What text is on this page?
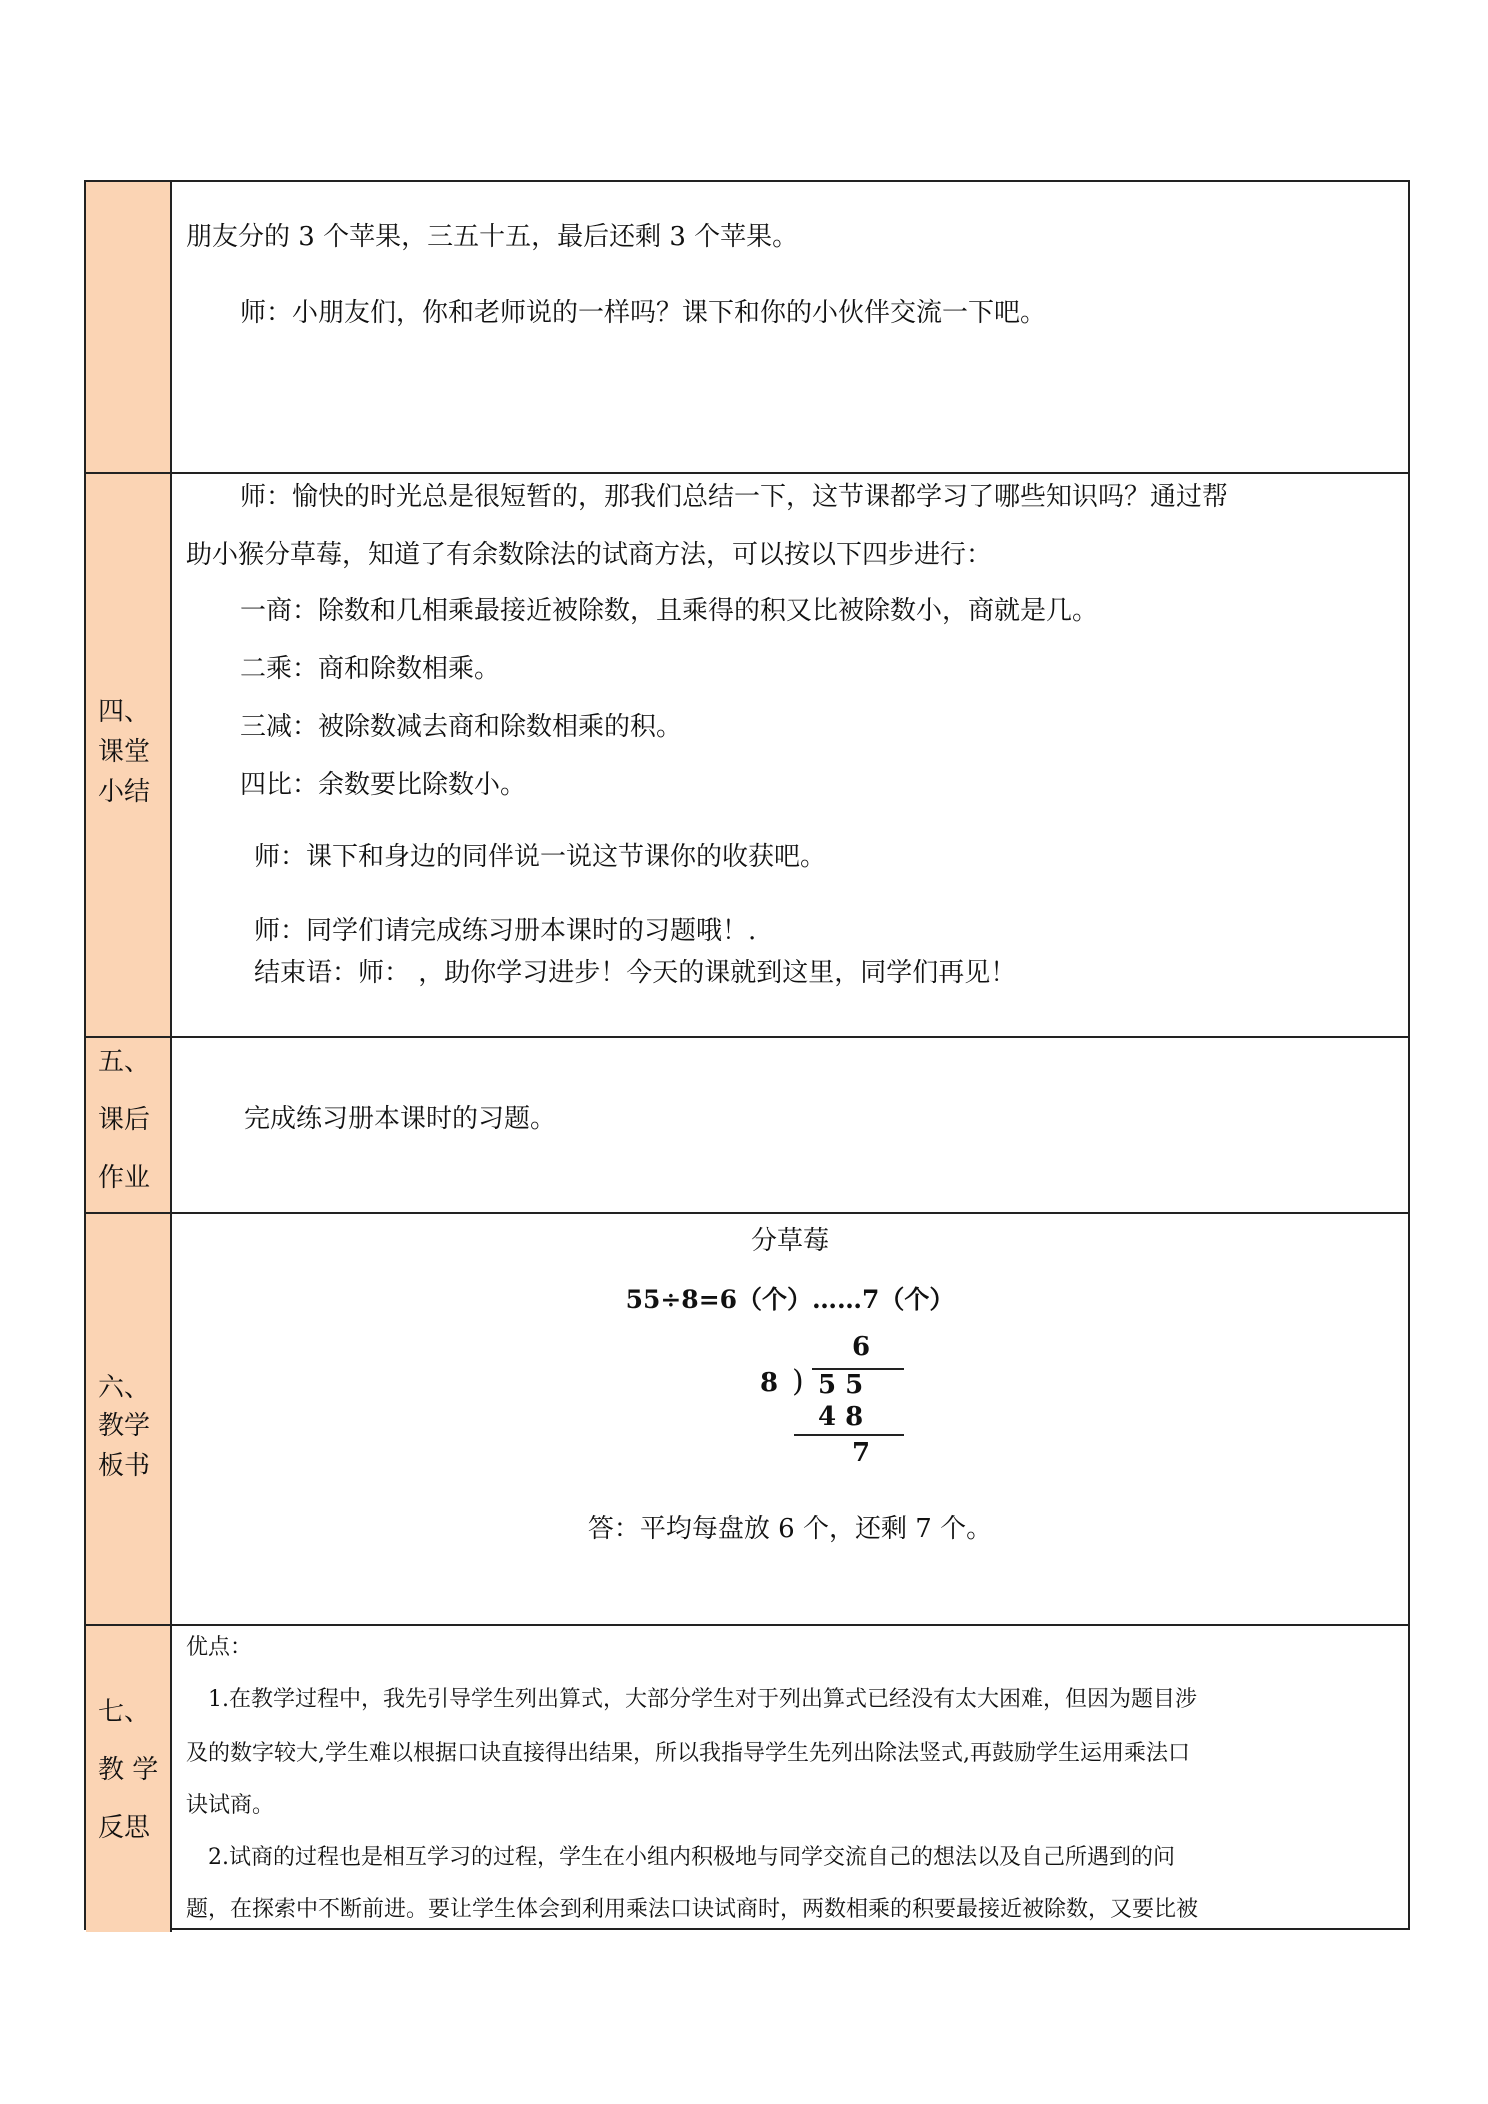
朋友分的 3 个苹果，三五十五，最后还剩 3 个苹果。
师：小朋友们，你和老师说的一样吗？课下和你的小伙伴交流一下吧。
四、
课堂
小结
师：愉快的时光总是很短暂的，那我们总结一下，这节课都学习了哪些知识吗？通过帮
助小猴分草莓，知道了有余数除法的试商方法，可以按以下四步进行：
一商：除数和几相乘最接近被除数，且乘得的积又比被除数小，商就是几。
二乘：商和除数相乘。
三减：被除数减去商和除数相乘的积。
四比：余数要比除数小。
师：课下和身边的同伴说一说这节课你的收获吧。
师：同学们请完成练习册本课时的习题哦！.
结束语：师： ，助你学习进步！今天的课就到这里，同学们再见！
五、
课后
作业
完成练习册本课时的习题。
六、
教学
板书
分草莓
55÷8=6（个）……7（个）
6
8 ) 5 5
4 8
7
答：平均每盘放 6 个，还剩 7 个。
七、
教 学
反思
优点：
1.在教学过程中，我先引导学生列出算式，大部分学生对于列出算式已经没有太大困难，但因为题目涉
及的数字较大,学生难以根据口诀直接得出结果，所以我指导学生先列出除法竖式,再鼓励学生运用乘法口
诀试商。
2.试商的过程也是相互学习的过程，学生在小组内积极地与同学交流自己的想法以及自己所遇到的问
题，在探索中不断前进。要让学生体会到利用乘法口诀试商时，两数相乘的积要最接近被除数，又要比被
